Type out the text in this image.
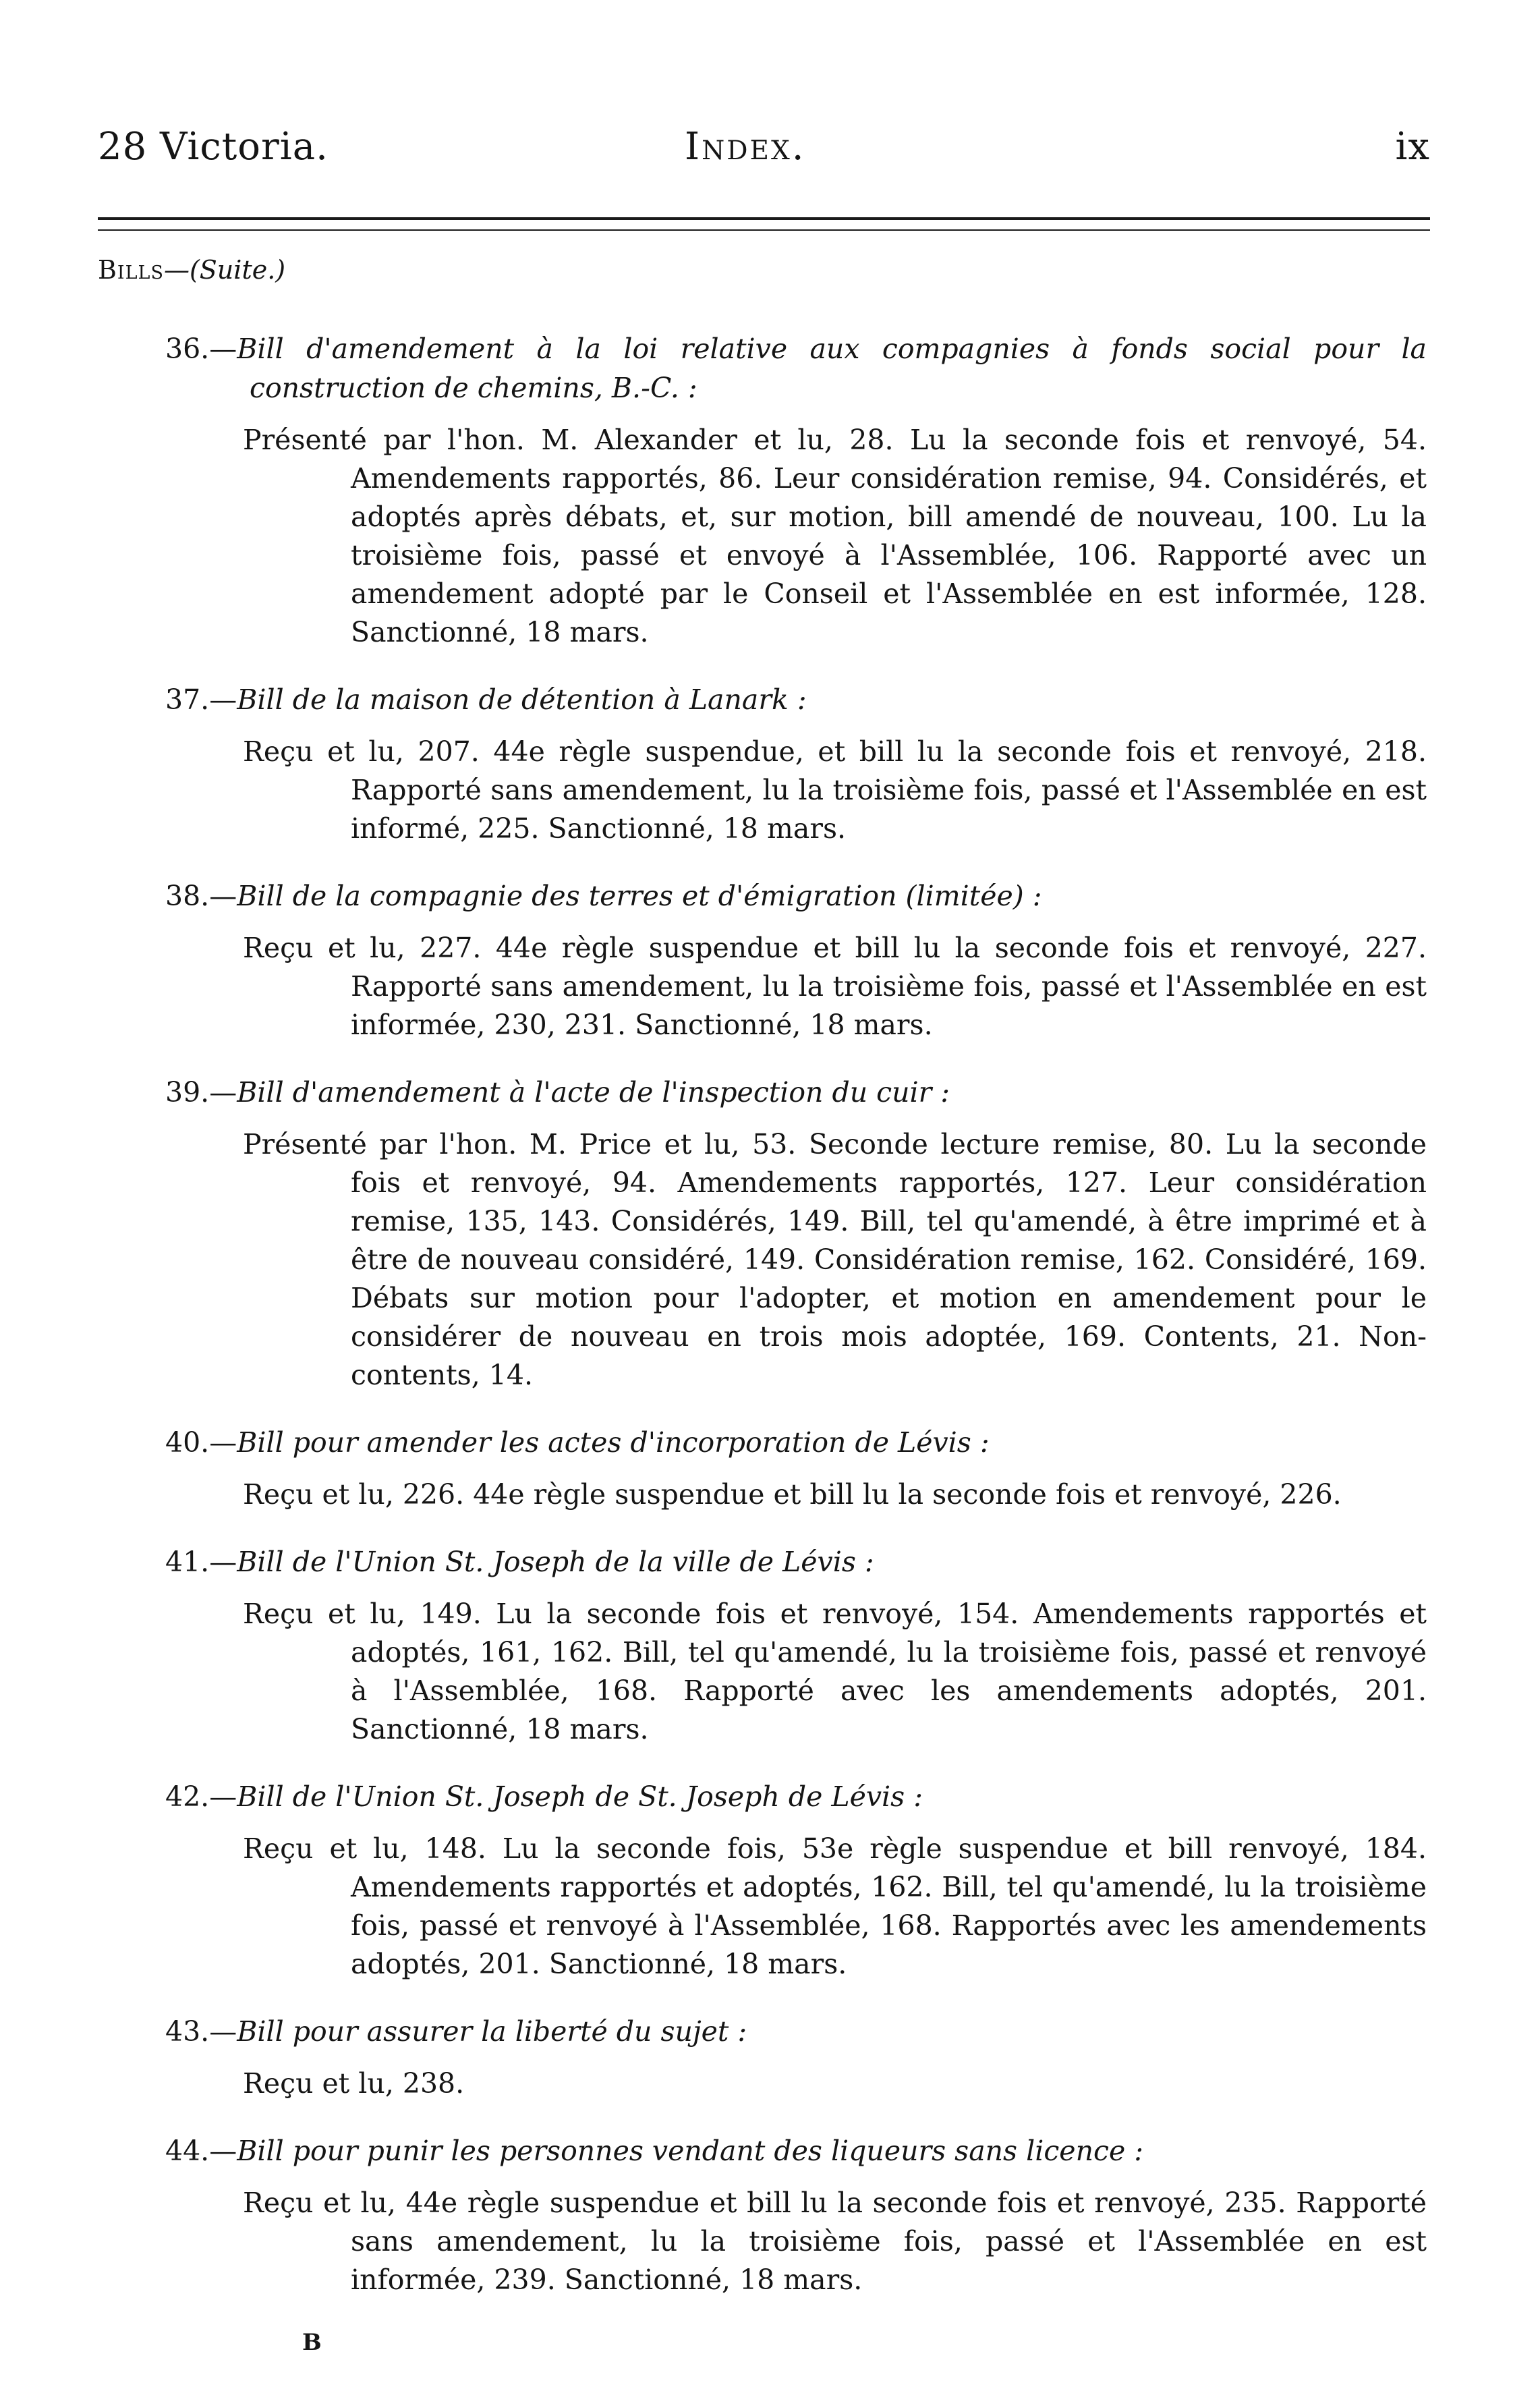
28 Victoria.	Index.	ix
Bills—(Suite.)
36.—Bill d'amendement à la loi relative aux compagnies à fonds social pour la construction de chemins, B.-C. :
Présenté par l'hon. M. Alexander et lu, 28. Lu la seconde fois et renvoyé, 54. Amendements rapportés, 86. Leur considération remise, 94. Considérés, et adoptés après débats, et, sur motion, bill amendé de nouveau, 100. Lu la troisième fois, passé et envoyé à l'Assemblée, 106. Rapporté avec un amendement adopté par le Conseil et l'Assemblée en est informée, 128. Sanctionné, 18 mars.
37.—Bill de la maison de détention à Lanark :
Reçu et lu, 207. 44e règle suspendue, et bill lu la seconde fois et renvoyé, 218. Rapporté sans amendement, lu la troisième fois, passé et l'Assemblée en est informé, 225. Sanctionné, 18 mars.
38.—Bill de la compagnie des terres et d'émigration (limitée) :
Reçu et lu, 227. 44e règle suspendue et bill lu la seconde fois et renvoyé, 227. Rapporté sans amendement, lu la troisième fois, passé et l'Assemblée en est informée, 230, 231. Sanctionné, 18 mars.
39.—Bill d'amendement à l'acte de l'inspection du cuir :
Présenté par l'hon. M. Price et lu, 53. Seconde lecture remise, 80. Lu la seconde fois et renvoyé, 94. Amendements rapportés, 127. Leur considération remise, 135, 143. Considérés, 149. Bill, tel qu'amendé, à être imprimé et à être de nouveau considéré, 149. Considération remise, 162. Considéré, 169. Débats sur motion pour l'adopter, et motion en amendement pour le considérer de nouveau en trois mois adoptée, 169. Contents, 21. Non-contents, 14.
40.—Bill pour amender les actes d'incorporation de Lévis :
Reçu et lu, 226. 44e règle suspendue et bill lu la seconde fois et renvoyé, 226.
41.—Bill de l'Union St. Joseph de la ville de Lévis :
Reçu et lu, 149. Lu la seconde fois et renvoyé, 154. Amendements rapportés et adoptés, 161, 162. Bill, tel qu'amendé, lu la troisième fois, passé et renvoyé à l'Assemblée, 168. Rapporté avec les amendements adoptés, 201. Sanctionné, 18 mars.
42.—Bill de l'Union St. Joseph de St. Joseph de Lévis :
Reçu et lu, 148. Lu la seconde fois, 53e règle suspendue et bill renvoyé, 184. Amendements rapportés et adoptés, 162. Bill, tel qu'amendé, lu la troisième fois, passé et renvoyé à l'Assemblée, 168. Rapportés avec les amendements adoptés, 201. Sanctionné, 18 mars.
43.—Bill pour assurer la liberté du sujet :
Reçu et lu, 238.
44.—Bill pour punir les personnes vendant des liqueurs sans licence :
Reçu et lu, 44e règle suspendue et bill lu la seconde fois et renvoyé, 235. Rapporté sans amendement, lu la troisième fois, passé et l'Assemblée en est informée, 239. Sanctionné, 18 mars.
B
